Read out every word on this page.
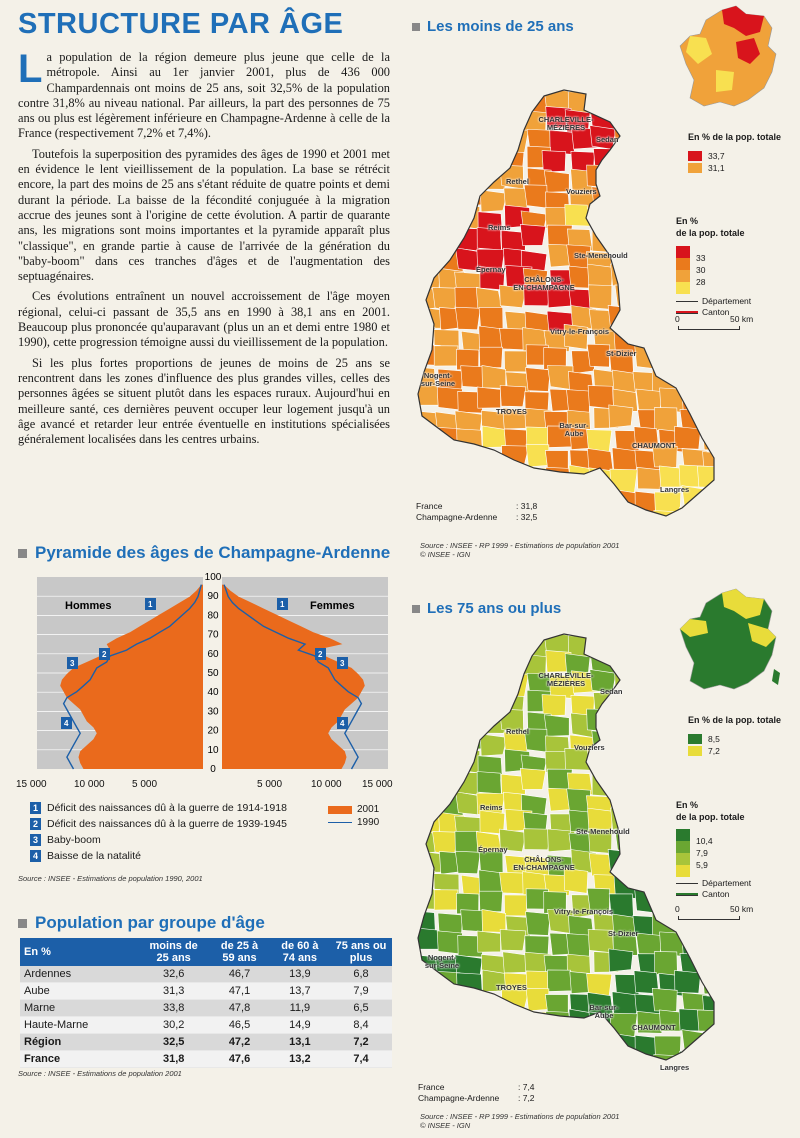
STRUCTURE PAR ÂGE

La population de la région demeure plus jeune que celle de la métropole. Ainsi au 1er janvier 2001, plus de 436 000 Champardennais ont moins de 25 ans, soit 32,5% de la population contre 31,8% au niveau national. Par ailleurs, la part des personnes de 75 ans ou plus est légèrement inférieure en Champagne-Ardenne à celle de la France (respectivement 7,2% et 7,4%).

Toutefois la superposition des pyramides des âges de 1990 et 2001 met en évidence le lent vieillissement de la population. La base se rétrécit encore, la part des moins de 25 ans s'étant réduite de quatre points et demi durant la période. La baisse de la fécondité conjuguée à la migration accrue des jeunes sont à l'origine de cette évolution. A partir de quarante ans, les migrations sont moins importantes et la pyramide apparaît plus "classique", en grande partie à cause de l'arrivée de la génération du "baby-boom" dans ces tranches d'âges et de l'augmentation des septuagénaires.

Ces évolutions entraînent un nouvel accroissement de l'âge moyen régional, celui-ci passant de 35,5 ans en 1990 à 38,1 ans en 2001. Beaucoup plus prononcée qu'auparavant (plus un an et demi entre 1980 et 1990), cette progression témoigne aussi du vieillissement de la population.

Si les plus fortes proportions de jeunes de moins de 25 ans se rencontrent dans les zones d'influence des plus grandes villes, celles des personnes âgées se situent plutôt dans les espaces ruraux. Aujourd'hui en meilleure santé, ces dernières peuvent occuper leur logement jusqu'à un âge avancé et retarder leur entrée éventuelle en institutions spécialisées généralement localisées dans les centres urbains.

Pyramide des âges de Champagne-Ardenne
100
90
80
70
60
50
40
30
20
10
0
Hommes	Femmes
1	1
2	2
3	3
4	4
15 000	10 000	5 000	5 000	10 000 15 000
1 Déficit des naissances dû à la guerre de 1914-1918
2 Déficit des naissances dû à la guerre de 1939-1945
3 Baby-boom
4 Baisse de la natalité
2001
1990
Source : INSEE - Estimations de population 1990, 2001
Population par groupe d'âge
En %	moins de 25 ans	de 25 à 59 ans	de 60 à 74 ans	75 ans ou plus
Ardennes	32,6	46,7	13,9	6,8
Aube	31,3	47,1	13,7	7,9
Marne	33,8	47,8	11,9	6,5
Haute-Marne	30,2	46,5	14,9	8,4
Région	32,5	47,2	13,1	7,2
France	31,8	47,6	13,2	7,4
Source : INSEE - Estimations de population 2001
Les moins de 25 ans
En % de la pop. totale
33,7
31,1
En %
de la pop. totale
33
30
28
Département
Canton
0	50 km
CHARLEVILLE-
MÉZIÈRES
Sedan
Rethel
Vouziers
Reims
Épernay
Ste-Menehould
CHÂLONS-
EN-CHAMPAGNE
Vitry-le-François
St-Dizier
Nogent-
sur-Seine
TROYES
Bar-sur-
Aube
CHAUMONT
Langres
France	: 31,8
Champagne-Ardenne : 32,5
Source : INSEE - RP 1999 - Estimations de population 2001
© INSEE - IGN
Les 75 ans ou plus
En % de la pop. totale
8,5
7,2
En %
de la pop. totale
10,4
7,9
5,9
Département
Canton
0	50 km
CHARLEVILLE-
MÉZIÈRES
Sedan
Rethel
Vouziers
Reims
Épernay
Ste-Menehould
CHÂLONS-
EN-CHAMPAGNE
Vitry-le-François
St-Dizier
Nogent-
sur-Seine
TROYES
Bar-sur-
Aube
CHAUMONT
Langres
France	: 7,4
Champagne-Ardenne : 7,2
Source : INSEE - RP 1999 - Estimations de population 2001
© INSEE - IGN
